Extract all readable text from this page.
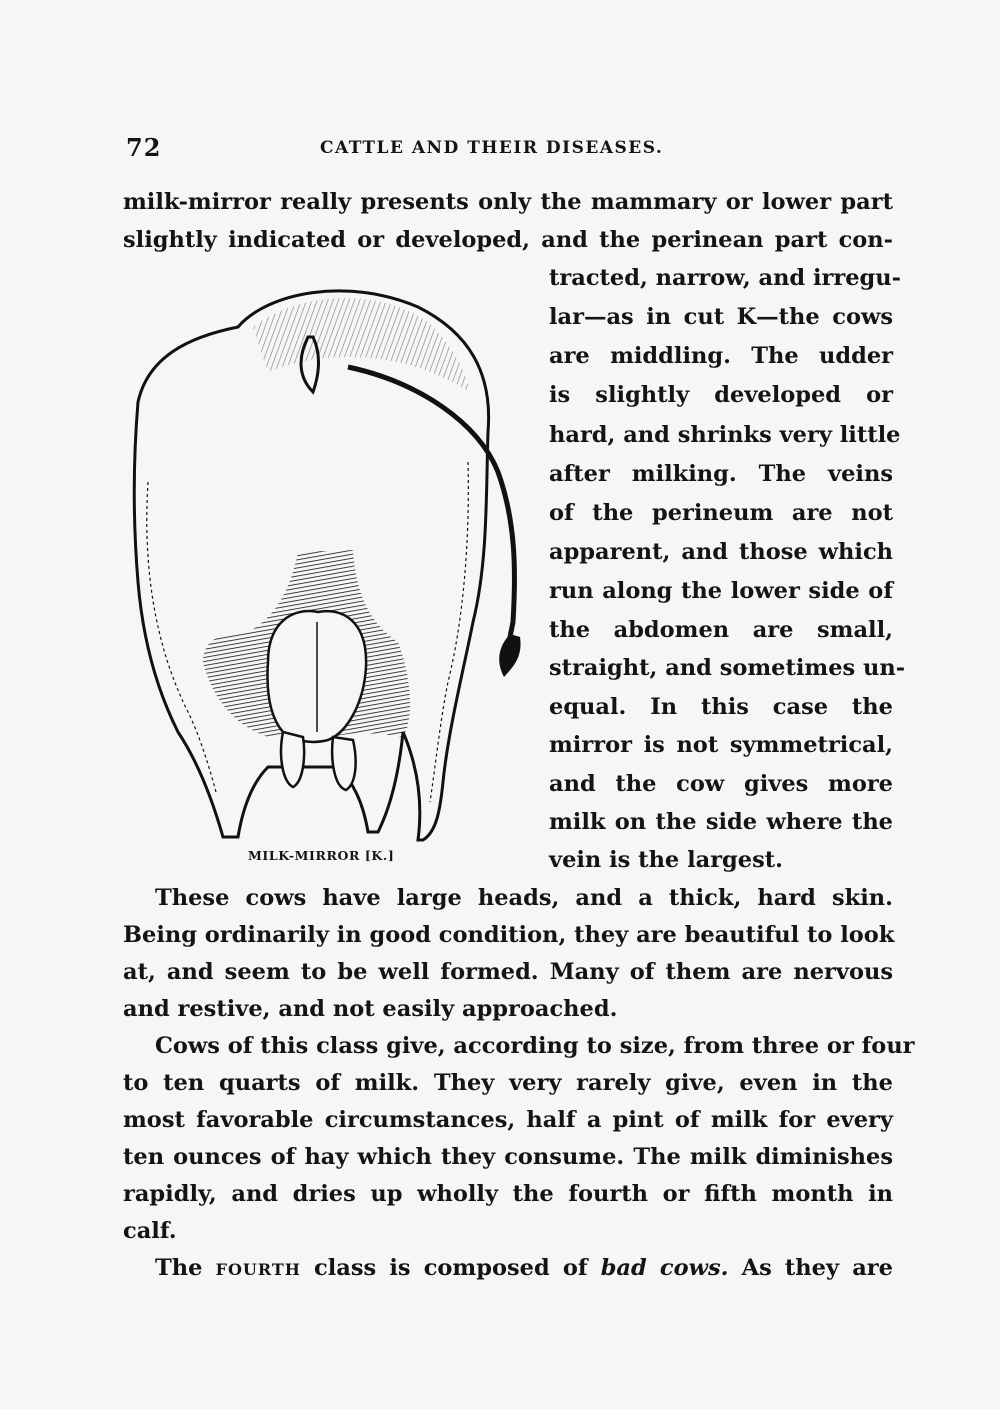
72	CATTLE AND THEIR DISEASES.
milk-mirror really presents only the mammary or lower part
slightly indicated or developed, and the perinean part con-
tracted, narrow, and irregu-
lar—as in cut K—the cows
are middling. The udder
is slightly developed or
hard, and shrinks very little
after milking. The veins
of the perineum are not
apparent, and those which
run along the lower side of
the abdomen are small,
straight, and sometimes un-
equal. In this case the
mirror is not symmetrical,
and the cow gives more
milk on the side where the
vein is the largest.
MILK-MIRROR [K.]
These cows have large heads, and a thick, hard skin.
Being ordinarily in good condition, they are beautiful to look
at, and seem to be well formed. Many of them are nervous
and restive, and not easily approached.
Cows of this class give, according to size, from three or four
to ten quarts of milk. They very rarely give, even in the
most favorable circumstances, half a pint of milk for every
ten ounces of hay which they consume. The milk diminishes
rapidly, and dries up wholly the fourth or fifth month in
calf.
The fourth class is composed of bad cows. As they are
